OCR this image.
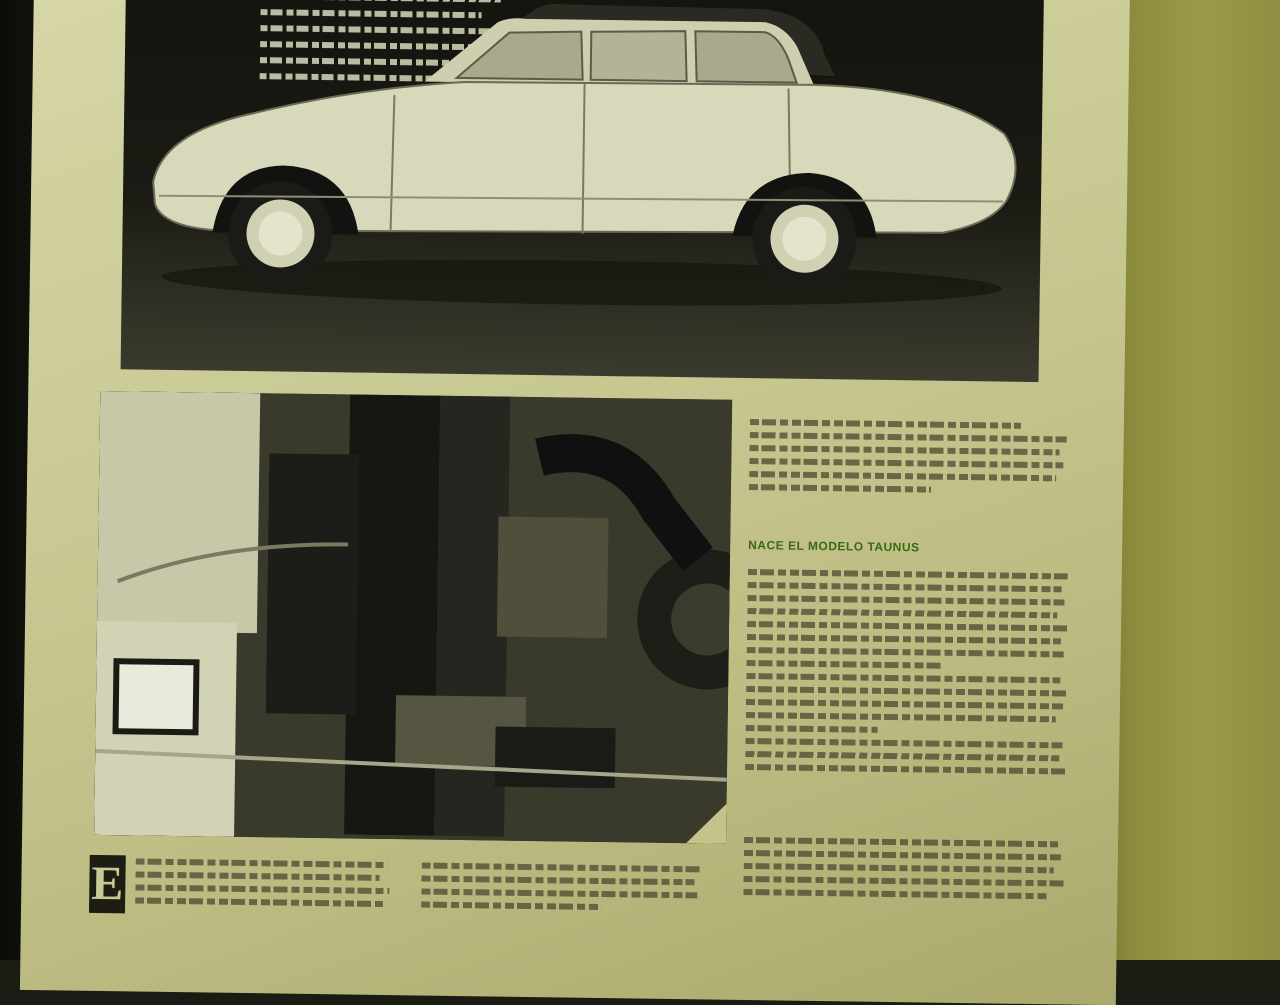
NACE EL MODELO TAUNUS
E
